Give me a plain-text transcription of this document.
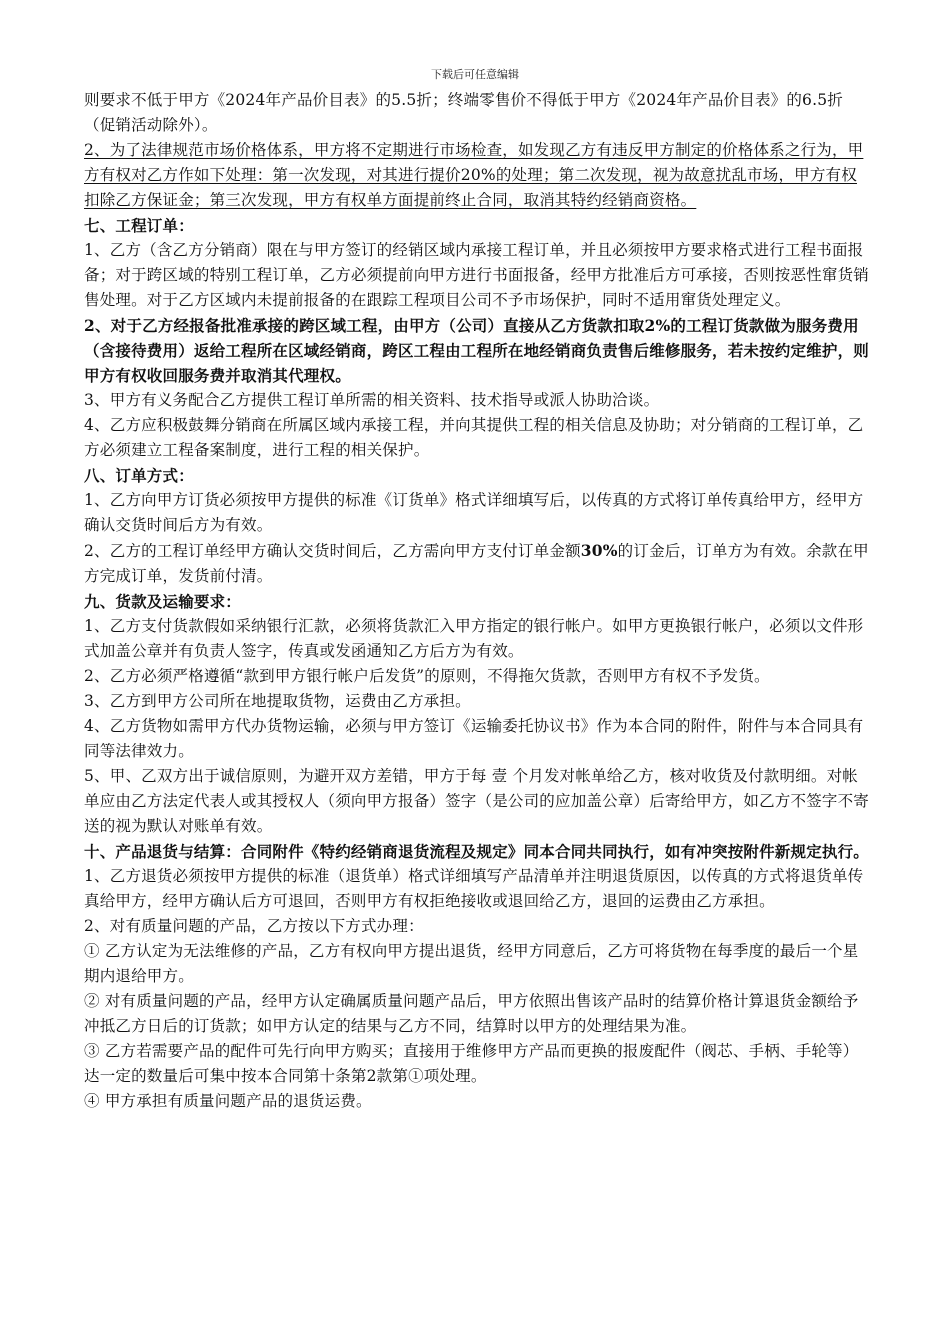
下载后可任意编辑

则要求不低于甲方《2024年产品价目表》的5.5折；终端零售价不得低于甲方《2024年产品价目表》的6.5折（促销活动除外）。

2、为了法律规范市场价格体系，甲方将不定期进行市场检查，如发现乙方有违反甲方制定的价格体系之行为，甲方有权对乙方作如下处理：第一次发现，对其进行提价20%的处理；第二次发现，视为故意扰乱市场，甲方有权扣除乙方保证金；第三次发现，甲方有权单方面提前终止合同，取消其特约经销商资格。

七、工程订单：

1、乙方（含乙方分销商）限在与甲方签订的经销区域内承接工程订单，并且必须按甲方要求格式进行工程书面报备；对于跨区域的特别工程订单，乙方必须提前向甲方进行书面报备，经甲方批准后方可承接，否则按恶性窜货销售处理。对于乙方区域内未提前报备的在跟踪工程项目公司不予市场保护，同时不适用窜货处理定义。

2、对于乙方经报备批准承接的跨区域工程，由甲方（公司）直接从乙方货款扣取2%的工程订货款做为服务费用（含接待费用）返给工程所在区域经销商，跨区工程由工程所在地经销商负责售后维修服务，若未按约定维护，则甲方有权收回服务费并取消其代理权。

3、甲方有义务配合乙方提供工程订单所需的相关资料、技术指导或派人协助洽谈。

4、乙方应积极鼓舞分销商在所属区域内承接工程，并向其提供工程的相关信息及协助；对分销商的工程订单，乙方必须建立工程备案制度，进行工程的相关保护。

八、订单方式：

1、乙方向甲方订货必须按甲方提供的标准《订货单》格式详细填写后，以传真的方式将订单传真给甲方，经甲方确认交货时间后方为有效。

2、乙方的工程订单经甲方确认交货时间后，乙方需向甲方支付订单金额30%的订金后，订单方为有效。余款在甲方完成订单，发货前付清。

九、货款及运输要求：

1、乙方支付货款假如采纳银行汇款，必须将货款汇入甲方指定的银行帐户。如甲方更换银行帐户，必须以文件形式加盖公章并有负责人签字，传真或发函通知乙方后方为有效。

2、乙方必须严格遵循“款到甲方银行帐户后发货”的原则，不得拖欠货款，否则甲方有权不予发货。

3、乙方到甲方公司所在地提取货物，运费由乙方承担。

4、乙方货物如需甲方代办货物运输，必须与甲方签订《运输委托协议书》作为本合同的附件，附件与本合同具有同等法律效力。

5、甲、乙双方出于诚信原则，为避开双方差错，甲方于每 壹 个月发对帐单给乙方，核对收货及付款明细。对帐单应由乙方法定代表人或其授权人（须向甲方报备）签字（是公司的应加盖公章）后寄给甲方，如乙方不签字不寄送的视为默认对账单有效。

十、产品退货与结算：合同附件《特约经销商退货流程及规定》同本合同共同执行，如有冲突按附件新规定执行。

1、乙方退货必须按甲方提供的标准（退货单）格式详细填写产品清单并注明退货原因，以传真的方式将退货单传真给甲方，经甲方确认后方可退回，否则甲方有权拒绝接收或退回给乙方，退回的运费由乙方承担。

2、对有质量问题的产品，乙方按以下方式办理：

① 乙方认定为无法维修的产品，乙方有权向甲方提出退货，经甲方同意后，乙方可将货物在每季度的最后一个星期内退给甲方。

② 对有质量问题的产品，经甲方认定确属质量问题产品后，甲方依照出售该产品时的结算价格计算退货金额给予冲抵乙方日后的订货款；如甲方认定的结果与乙方不同，结算时以甲方的处理结果为准。

③ 乙方若需要产品的配件可先行向甲方购买；直接用于维修甲方产品而更换的报废配件（阀芯、手柄、手轮等）达一定的数量后可集中按本合同第十条第2款第①项处理。

④ 甲方承担有质量问题产品的退货运费。
